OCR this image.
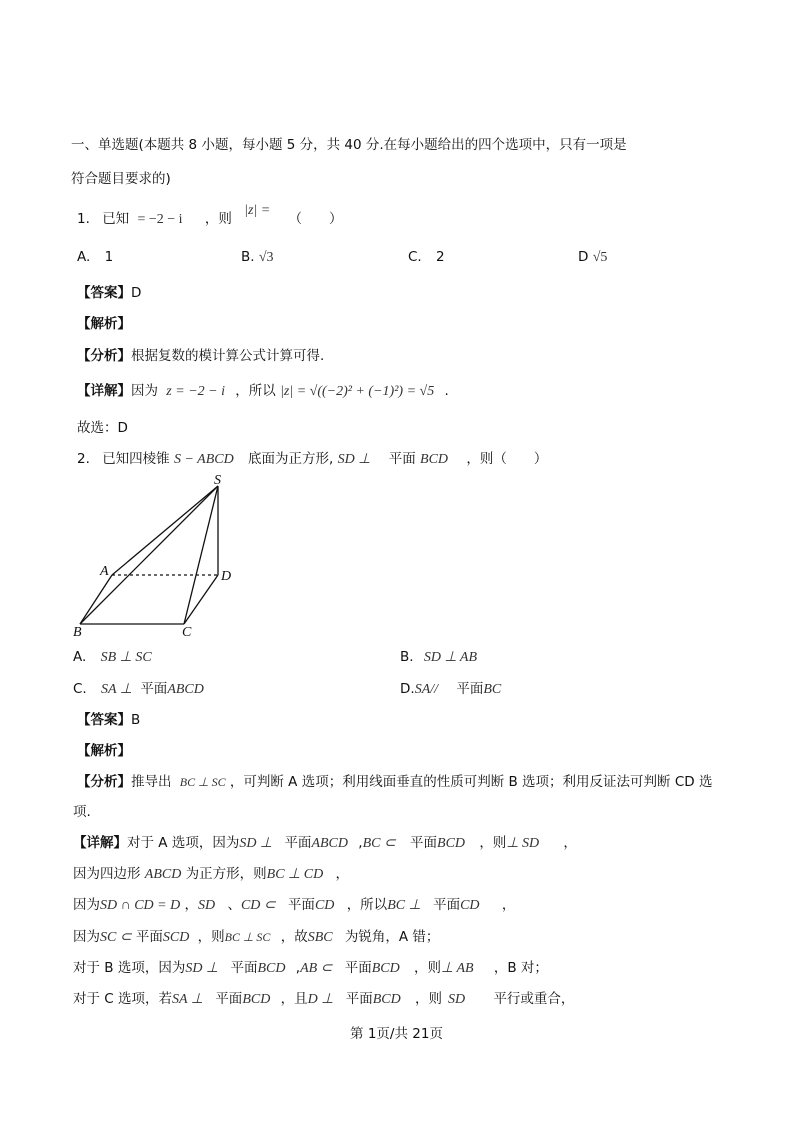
一、单选题(本题共 8 小题，每小题 5 分，共 40 分.在每小题给出的四个选项中，只有一项是
符合题目要求的)
1. 已知 = −2 − i ，则 |z| = （　　）
A. 1	B. √3	C. 2	D √5
【答案】D
【解析】
【分析】根据复数的模计算公式计算可得.
【详解】因为 z = −2 − i ，所以 |z| = √((−2)² + (−1)²) = √5 .
故选：D
2. 已知四棱锥 S − ABCD 底面为正方形, SD ⊥ 平面 BCD ，则（　　）
S
A
B	C
D
A. SB ⊥ SC	B. SD ⊥ AB
C. SA ⊥ 平面ABCD	D.SA// 平面BC
【答案】B
【解析】
【分析】推导出 BC ⊥ SC ，可判断 A 选项；利用线面垂直的性质可判断 B 选项；利用反证法可判断 CD 选
项.
【详解】对于 A 选项，因为SD ⊥ 平面ABCD ,BC ⊂ 平面BCD ，则⊥ SD ，
因为四边形 ABCD 为正方形，则BC ⊥ CD ，
因为SD ∩ CD = D ，SD 、CD ⊂ 平面CD ，所以BC ⊥ 平面CD ，
因为SC ⊂ 平面SCD ，则BC ⊥ SC ，故SBC 为锐角，A 错；
对于 B 选项，因为SD ⊥ 平面BCD ,AB ⊂ 平面BCD ，则⊥ AB ，B 对；
对于 C 选项，若SA ⊥ 平面BCD ，且D ⊥ 平面BCD ，则 SD 平行或重合，
第 1页/共 21页
